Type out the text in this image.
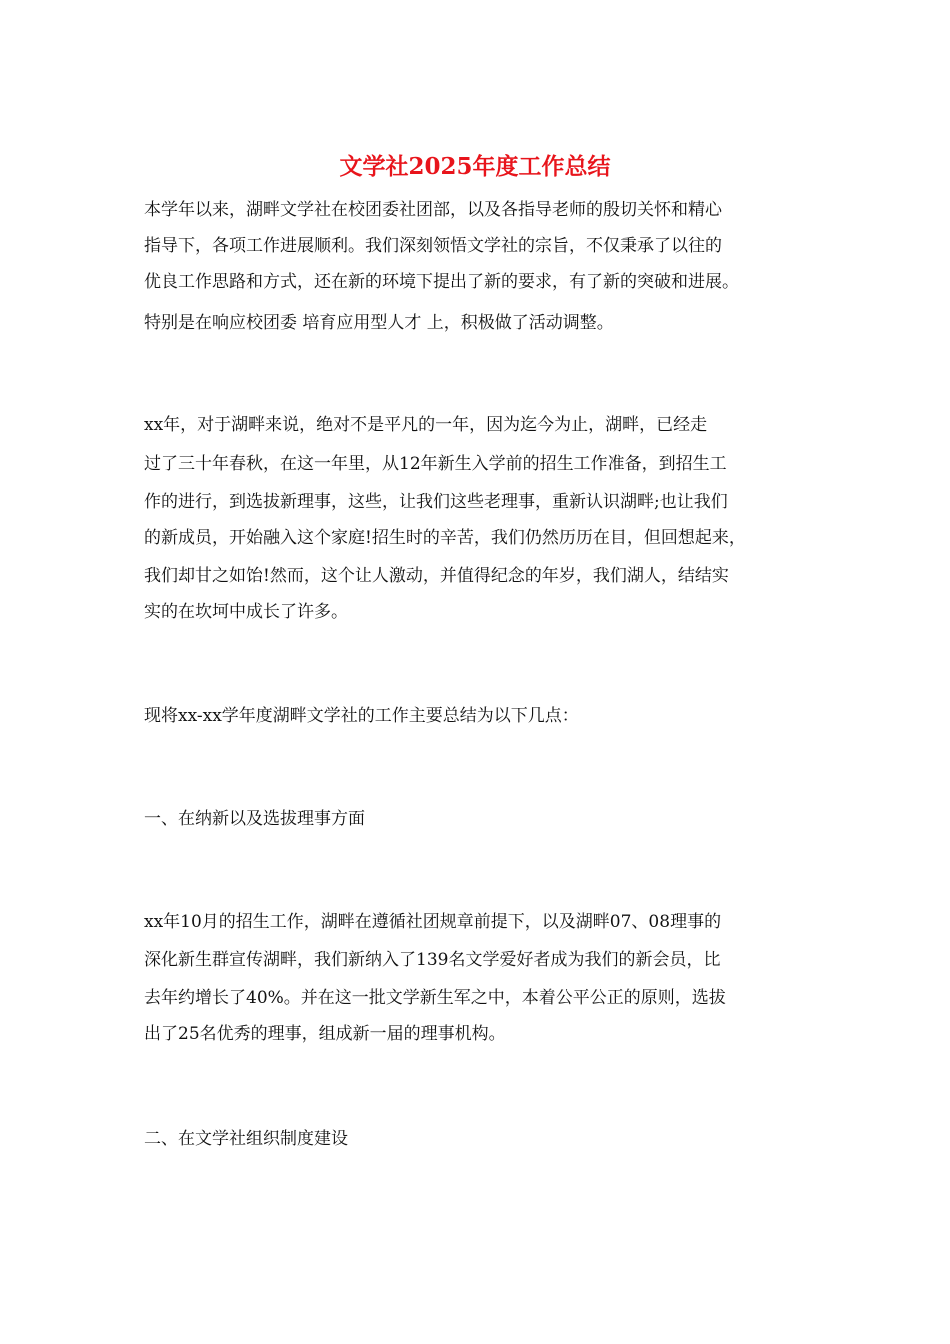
文学社2025年度工作总结

本学年以来，湖畔文学社在校团委社团部，以及各指导老师的殷切关怀和精心

指导下，各项工作进展顺利。我们深刻领悟文学社的宗旨，不仅秉承了以往的

优良工作思路和方式，还在新的环境下提出了新的要求，有了新的突破和进展。

特别是在响应校团委 培育应用型人才 上，积极做了活动调整。

xx年，对于湖畔来说，绝对不是平凡的一年，因为迄今为止，湖畔，已经走

过了三十年春秋，在这一年里，从12年新生入学前的招生工作准备，到招生工

作的进行，到选拔新理事，这些，让我们这些老理事，重新认识湖畔;也让我们

的新成员，开始融入这个家庭!招生时的辛苦，我们仍然历历在目，但回想起来，

我们却甘之如饴!然而，这个让人激动，并值得纪念的年岁，我们湖人，结结实

实的在坎坷中成长了许多。

现将xx-xx学年度湖畔文学社的工作主要总结为以下几点：

一、在纳新以及选拔理事方面

xx年10月的招生工作，湖畔在遵循社团规章前提下，以及湖畔07、08理事的

深化新生群宣传湖畔，我们新纳入了139名文学爱好者成为我们的新会员，比

去年约增长了40%。并在这一批文学新生军之中，本着公平公正的原则，选拔

出了25名优秀的理事，组成新一届的理事机构。

二、在文学社组织制度建设
